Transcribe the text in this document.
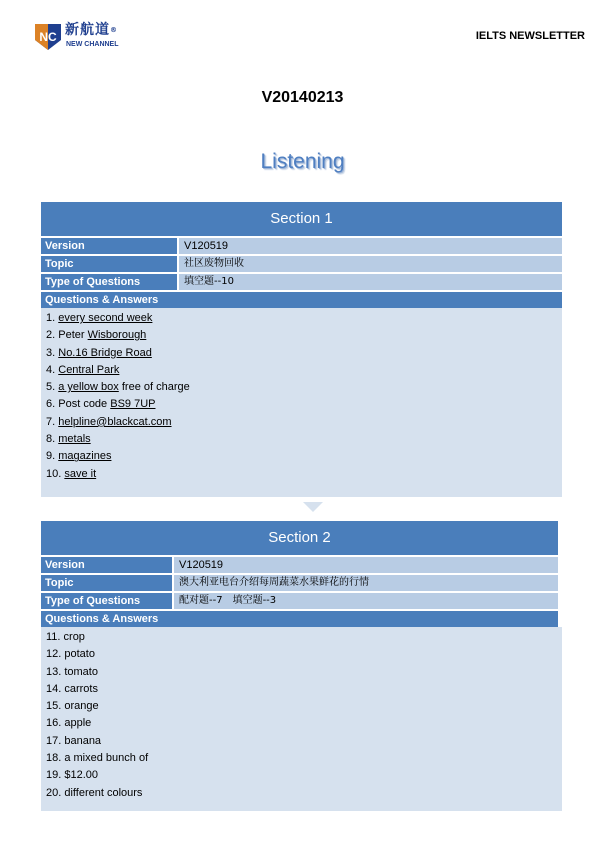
NC 新航道®
NEW CHANNEL
IELTS NEWSLETTER
V20140213
Listening
Section 1
Version	V120519
Topic	社区废物回收
Type of Questions	填空题--10
Questions & Answers
1. every second week
2. Peter Wisborough
3. No.16 Bridge Road
4. Central Park
5. a yellow box free of charge
6. Post code BS9 7UP
7. helpline@blackcat.com
8. metals
9. magazines
10. save it
Section 2
Version	V120519
Topic	澳大利亚电台介绍每周蔬菜水果鲜花的行情
Type of Questions	配对题--7　填空题--3
Questions & Answers
11. crop
12. potato
13. tomato
14. carrots
15. orange
16. apple
17. banana
18. a mixed bunch of
19. $12.00
20. different colours
